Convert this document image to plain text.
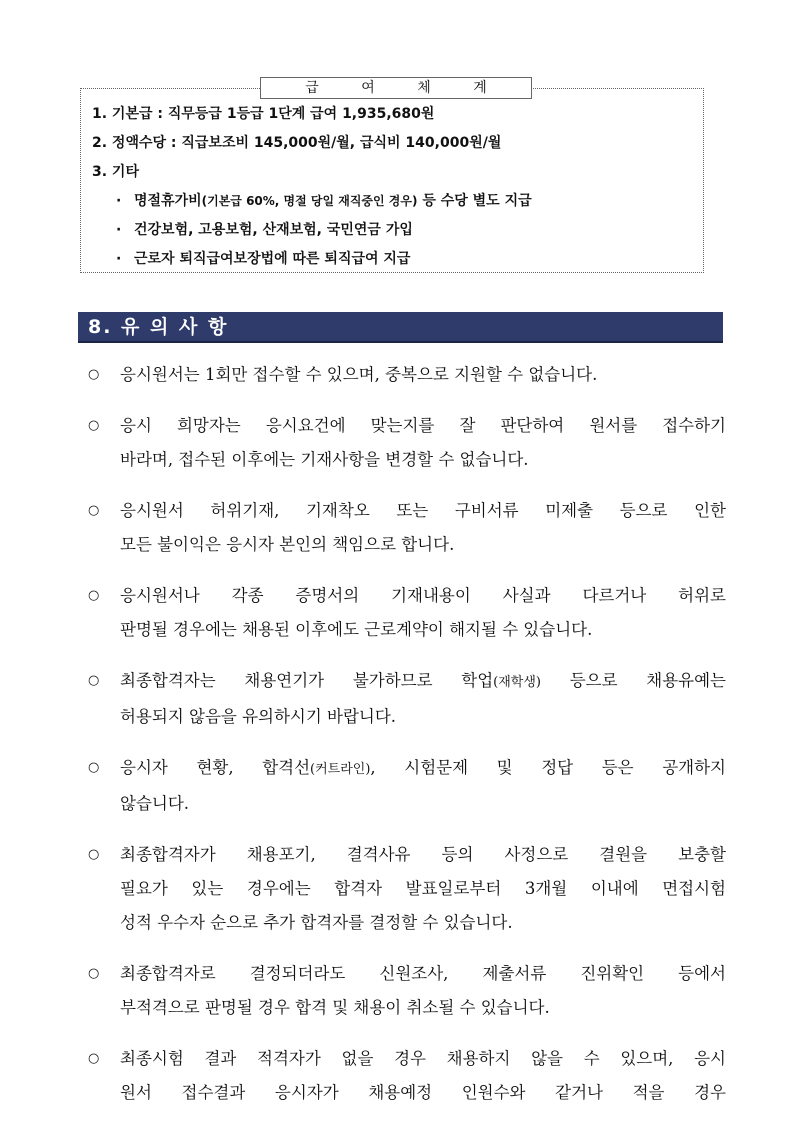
급	여	체	계
1. 기본급 : 직무등급 1등급 1단계 급여 1,935,680원
2. 정액수당 : 직급보조비 145,000원/월, 급식비 140,000원/월
3. 기타
· 명절휴가비(기본급 60%, 명절 당일 재직중인 경우) 등 수당 별도 지급
· 건강보험, 고용보험, 산재보험, 국민연금 가입
· 근로자 퇴직급여보장법에 따른 퇴직급여 지급
8. 유 의 사 항
○ 응시원서는 1회만 접수할 수 있으며, 중복으로 지원할 수 없습니다.
○ 응시 희망자는 응시요건에 맞는지를 잘 판단하여 원서를 접수하기
바라며, 접수된 이후에는 기재사항을 변경할 수 없습니다.
○ 응시원서 허위기재, 기재착오 또는 구비서류 미제출 등으로 인한
모든 불이익은 응시자 본인의 책임으로 합니다.
○ 응시원서나 각종 증명서의 기재내용이 사실과 다르거나 허위로
판명될 경우에는 채용된 이후에도 근로계약이 해지될 수 있습니다.
○ 최종합격자는 채용연기가 불가하므로 학업(재학생) 등으로 채용유예는
허용되지 않음을 유의하시기 바랍니다.
○ 응시자 현황, 합격선(커트라인), 시험문제 및 정답 등은 공개하지
않습니다.
○ 최종합격자가 채용포기, 결격사유 등의 사정으로 결원을 보충할
필요가 있는 경우에는 합격자 발표일로부터 3개월 이내에 면접시험
성적 우수자 순으로 추가 합격자를 결정할 수 있습니다.
○ 최종합격자로 결정되더라도 신원조사, 제출서류 진위확인 등에서
부적격으로 판명될 경우 합격 및 채용이 취소될 수 있습니다.
○ 최종시험 결과 적격자가 없을 경우 채용하지 않을 수 있으며, 응시
원서 접수결과 응시자가 채용예정 인원수와 같거나 적을 경우
